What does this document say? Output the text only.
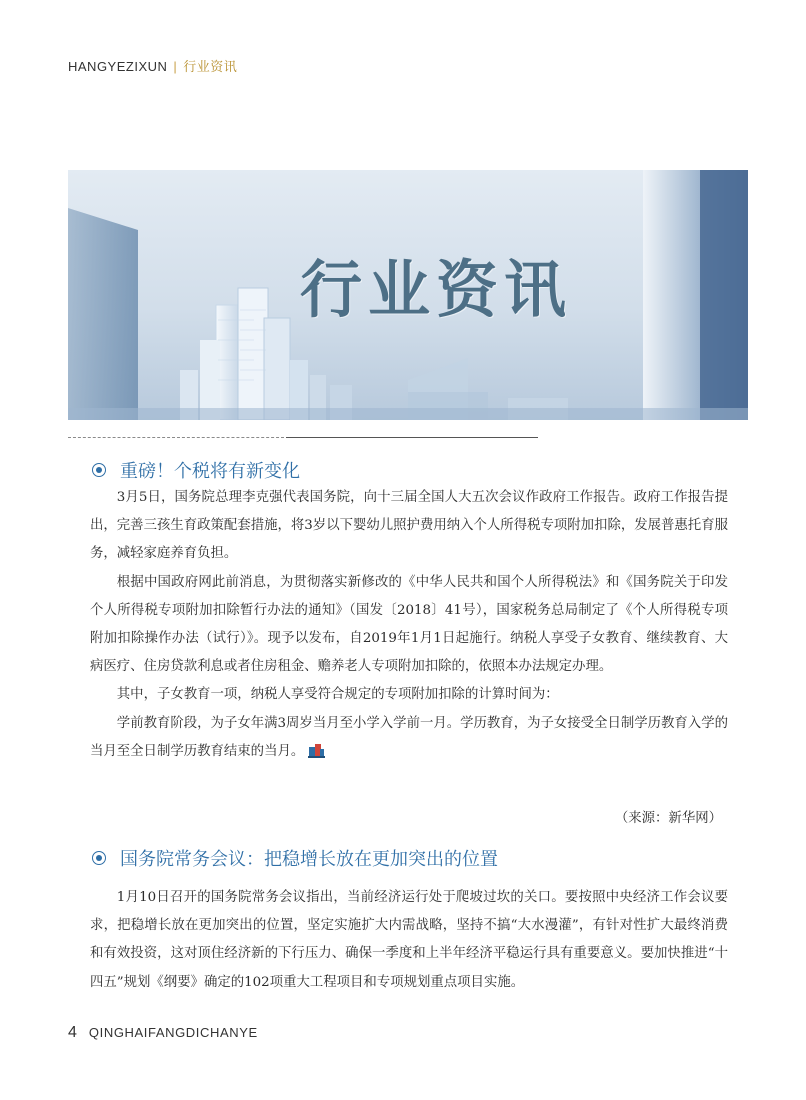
HANGYEZIXUN | 行业资讯
行业资讯
重磅！个税将有新变化

3月5日，国务院总理李克强代表国务院，向十三届全国人大五次会议作政府工作报告。政府工作报告提出，完善三孩生育政策配套措施，将3岁以下婴幼儿照护费用纳入个人所得税专项附加扣除，发展普惠托育服务，减轻家庭养育负担。

根据中国政府网此前消息，为贯彻落实新修改的《中华人民共和国个人所得税法》和《国务院关于印发个人所得税专项附加扣除暂行办法的通知》（国发〔2018〕41号），国家税务总局制定了《个人所得税专项附加扣除操作办法（试行）》。现予以发布，自2019年1月1日起施行。纳税人享受子女教育、继续教育、大病医疗、住房贷款利息或者住房租金、赡养老人专项附加扣除的，依照本办法规定办理。

其中，子女教育一项，纳税人享受符合规定的专项附加扣除的计算时间为：

学前教育阶段，为子女年满3周岁当月至小学入学前一月。学历教育，为子女接受全日制学历教育入学的当月至全日制学历教育结束的当月。

（来源：新华网）
国务院常务会议：把稳增长放在更加突出的位置

1月10日召开的国务院常务会议指出，当前经济运行处于爬坡过坎的关口。要按照中央经济工作会议要求，把稳增长放在更加突出的位置，坚定实施扩大内需战略，坚持不搞“大水漫灌”，有针对性扩大最终消费和有效投资，这对顶住经济新的下行压力、确保一季度和上半年经济平稳运行具有重要意义。要加快推进“十四五”规划《纲要》确定的102项重大工程项目和专项规划重点项目实施。

4 QINGHAIFANGDICHANYE
